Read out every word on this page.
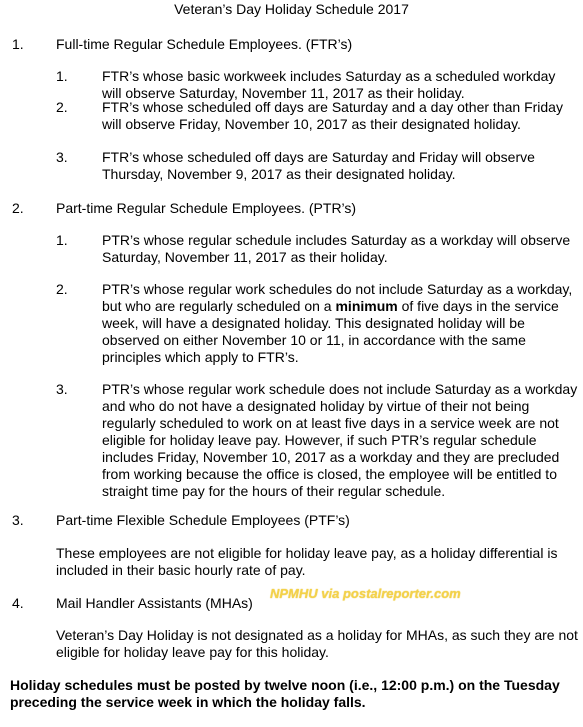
Veteran’s Day Holiday Schedule 2017
1. Full-time Regular Schedule Employees. (FTR’s)
1. FTR’s whose basic workweek includes Saturday as a scheduled workday will observe Saturday, November 11, 2017 as their holiday.
2. FTR’s whose scheduled off days are Saturday and a day other than Friday will observe Friday, November 10, 2017 as their designated holiday.
3. FTR’s whose scheduled off days are Saturday and Friday will observe Thursday, November 9, 2017 as their designated holiday.
2. Part-time Regular Schedule Employees. (PTR’s)
1. PTR’s whose regular schedule includes Saturday as a workday will observe Saturday, November 11, 2017 as their holiday.
2. PTR’s whose regular work schedules do not include Saturday as a workday, but who are regularly scheduled on a minimum of five days in the service week, will have a designated holiday. This designated holiday will be observed on either November 10 or 11, in accordance with the same principles which apply to FTR’s.
3. PTR’s whose regular work schedule does not include Saturday as a workday and who do not have a designated holiday by virtue of their not being regularly scheduled to work on at least five days in a service week are not eligible for holiday leave pay. However, if such PTR’s regular schedule includes Friday, November 10, 2017 as a workday and they are precluded from working because the office is closed, the employee will be entitled to straight time pay for the hours of their regular schedule.
3. Part-time Flexible Schedule Employees (PTF’s)
These employees are not eligible for holiday leave pay, as a holiday differential is included in their basic hourly rate of pay.
4. Mail Handler Assistants (MHAs)
Veteran’s Day Holiday is not designated as a holiday for MHAs, as such they are not eligible for holiday leave pay for this holiday.
NPMHU via postalreporter.com
Holiday schedules must be posted by twelve noon (i.e., 12:00 p.m.) on the Tuesday preceding the service week in which the holiday falls.
